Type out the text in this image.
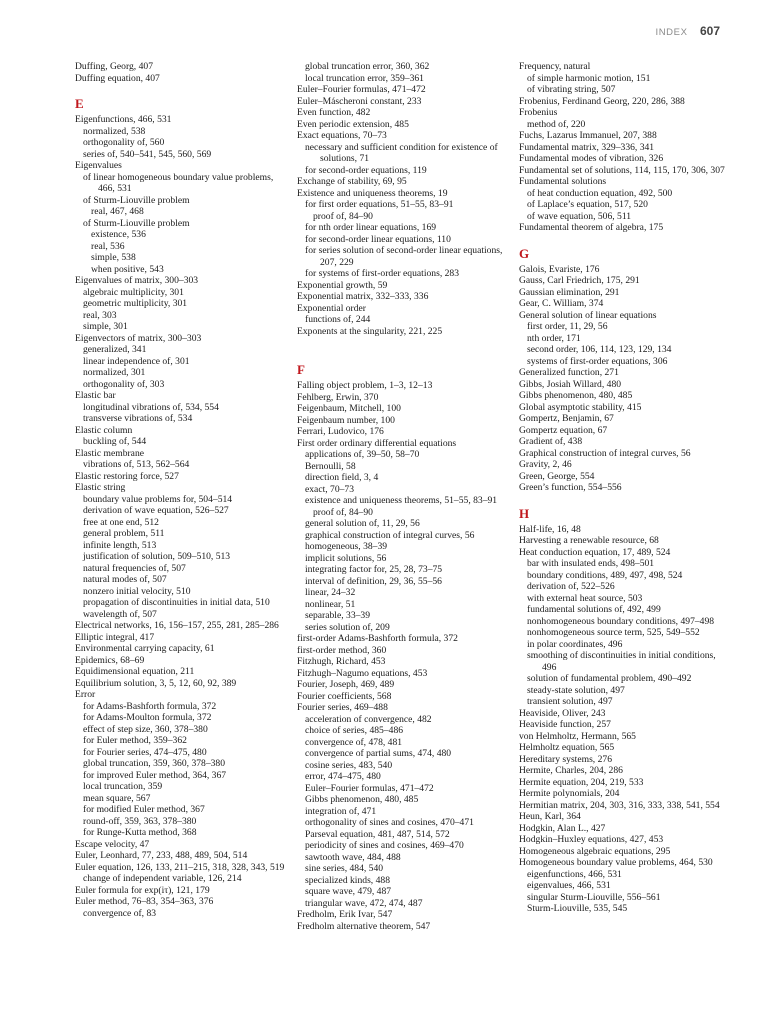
INDEX 607
Duffing, Georg, 407
Duffing equation, 407
E
Eigenfunctions, 466, 531
normalized, 538
orthogonality of, 560
series of, 540–541, 545, 560, 569
Eigenvalues
of linear homogeneous boundary value problems, 466, 531
of Sturm-Liouville problem
real, 467, 468
of Sturm-Liouville problem
existence, 536
real, 536
simple, 538
when positive, 543
Eigenvalues of matrix, 300–303
algebraic multiplicity, 301
geometric multiplicity, 301
real, 303
simple, 301
Eigenvectors of matrix, 300–303
generalized, 341
linear independence of, 301
normalized, 301
orthogonality of, 303
Elastic bar
longitudinal vibrations of, 534, 554
transverse vibrations of, 534
Elastic column
buckling of, 544
Elastic membrane
vibrations of, 513, 562–564
Elastic restoring force, 527
Elastic string
boundary value problems for, 504–514
derivation of wave equation, 526–527
free at one end, 512
general problem, 511
infinite length, 513
justification of solution, 509–510, 513
natural frequencies of, 507
natural modes of, 507
nonzero initial velocity, 510
propagation of discontinuities in initial data, 510
wavelength of, 507
Electrical networks, 16, 156–157, 255, 281, 285–286
Elliptic integral, 417
Environmental carrying capacity, 61
Epidemics, 68–69
Equidimensional equation, 211
Equilibrium solution, 3, 5, 12, 60, 92, 389
Error
for Adams-Bashforth formula, 372
for Adams-Moulton formula, 372
effect of step size, 360, 378–380
for Euler method, 359–362
for Fourier series, 474–475, 480
global truncation, 359, 360, 378–380
for improved Euler method, 364, 367
local truncation, 359
mean square, 567
for modified Euler method, 367
round-off, 359, 363, 378–380
for Runge-Kutta method, 368
Escape velocity, 47
Euler, Leonhard, 77, 233, 488, 489, 504, 514
Euler equation, 126, 133, 211–215, 318, 328, 343, 519
change of independent variable, 126, 214
Euler formula for exp(iτ), 121, 179
Euler method, 76–83, 354–363, 376
convergence of, 83
global truncation error, 360, 362
local truncation error, 359–361
Euler–Fourier formulas, 471–472
Euler–Máscheroni constant, 233
Even function, 482
Even periodic extension, 485
Exact equations, 70–73
necessary and sufficient condition for existence of solutions, 71
for second-order equations, 119
Exchange of stability, 69, 95
Existence and uniqueness theorems, 19
for first order equations, 51–55, 83–91
proof of, 84–90
for nth order linear equations, 169
for second-order linear equations, 110
for series solution of second-order linear equations, 207, 229
for systems of first-order equations, 283
Exponential growth, 59
Exponential matrix, 332–333, 336
Exponential order
functions of, 244
Exponents at the singularity, 221, 225
F
Falling object problem, 1–3, 12–13
Fehlberg, Erwin, 370
Feigenbaum, Mitchell, 100
Feigenbaum number, 100
Ferrari, Ludovico, 176
First order ordinary differential equations
applications of, 39–50, 58–70
Bernoulli, 58
direction field, 3, 4
exact, 70–73
existence and uniqueness theorems, 51–55, 83–91
proof of, 84–90
general solution of, 11, 29, 56
graphical construction of integral curves, 56
homogeneous, 38–39
implicit solutions, 56
integrating factor for, 25, 28, 73–75
interval of definition, 29, 36, 55–56
linear, 24–32
nonlinear, 51
separable, 33–39
series solution of, 209
first-order Adams-Bashforth formula, 372
first-order method, 360
Fitzhugh, Richard, 453
Fitzhugh–Nagumo equations, 453
Fourier, Joseph, 469, 489
Fourier coefficients, 568
Fourier series, 469–488
acceleration of convergence, 482
choice of series, 485–486
convergence of, 478, 481
convergence of partial sums, 474, 480
cosine series, 483, 540
error, 474–475, 480
Euler–Fourier formulas, 471–472
Gibbs phenomenon, 480, 485
integration of, 471
orthogonality of sines and cosines, 470–471
Parseval equation, 481, 487, 514, 572
periodicity of sines and cosines, 469–470
sawtooth wave, 484, 488
sine series, 484, 540
specialized kinds, 488
square wave, 479, 487
triangular wave, 472, 474, 487
Fredholm, Erik Ivar, 547
Fredholm alternative theorem, 547
Frequency, natural
of simple harmonic motion, 151
of vibrating string, 507
Frobenius, Ferdinand Georg, 220, 286, 388
Frobenius
method of, 220
Fuchs, Lazarus Immanuel, 207, 388
Fundamental matrix, 329–336, 341
Fundamental modes of vibration, 326
Fundamental set of solutions, 114, 115, 170, 306, 307
Fundamental solutions
of heat conduction equation, 492, 500
of Laplace’s equation, 517, 520
of wave equation, 506, 511
Fundamental theorem of algebra, 175
G
Galois, Evariste, 176
Gauss, Carl Friedrich, 175, 291
Gaussian elimination, 291
Gear, C. William, 374
General solution of linear equations
first order, 11, 29, 56
nth order, 171
second order, 106, 114, 123, 129, 134
systems of first-order equations, 306
Generalized function, 271
Gibbs, Josiah Willard, 480
Gibbs phenomenon, 480, 485
Global asymptotic stability, 415
Gompertz, Benjamin, 67
Gompertz equation, 67
Gradient of, 438
Graphical construction of integral curves, 56
Gravity, 2, 46
Green, George, 554
Green’s function, 554–556
H
Half-life, 16, 48
Harvesting a renewable resource, 68
Heat conduction equation, 17, 489, 524
bar with insulated ends, 498–501
boundary conditions, 489, 497, 498, 524
derivation of, 522–526
with external heat source, 503
fundamental solutions of, 492, 499
nonhomogeneous boundary conditions, 497–498
nonhomogeneous source term, 525, 549–552
in polar coordinates, 496
smoothing of discontinuities in initial conditions, 496
solution of fundamental problem, 490–492
steady-state solution, 497
transient solution, 497
Heaviside, Oliver, 243
Heaviside function, 257
von Helmholtz, Hermann, 565
Helmholtz equation, 565
Hereditary systems, 276
Hermite, Charles, 204, 286
Hermite equation, 204, 219, 533
Hermite polynomials, 204
Hermitian matrix, 204, 303, 316, 333, 338, 541, 554
Heun, Karl, 364
Hodgkin, Alan L., 427
Hodgkin–Huxley equations, 427, 453
Homogeneous algebraic equations, 295
Homogeneous boundary value problems, 464, 530
eigenfunctions, 466, 531
eigenvalues, 466, 531
singular Sturm-Liouville, 556–561
Sturm-Liouville, 535, 545
